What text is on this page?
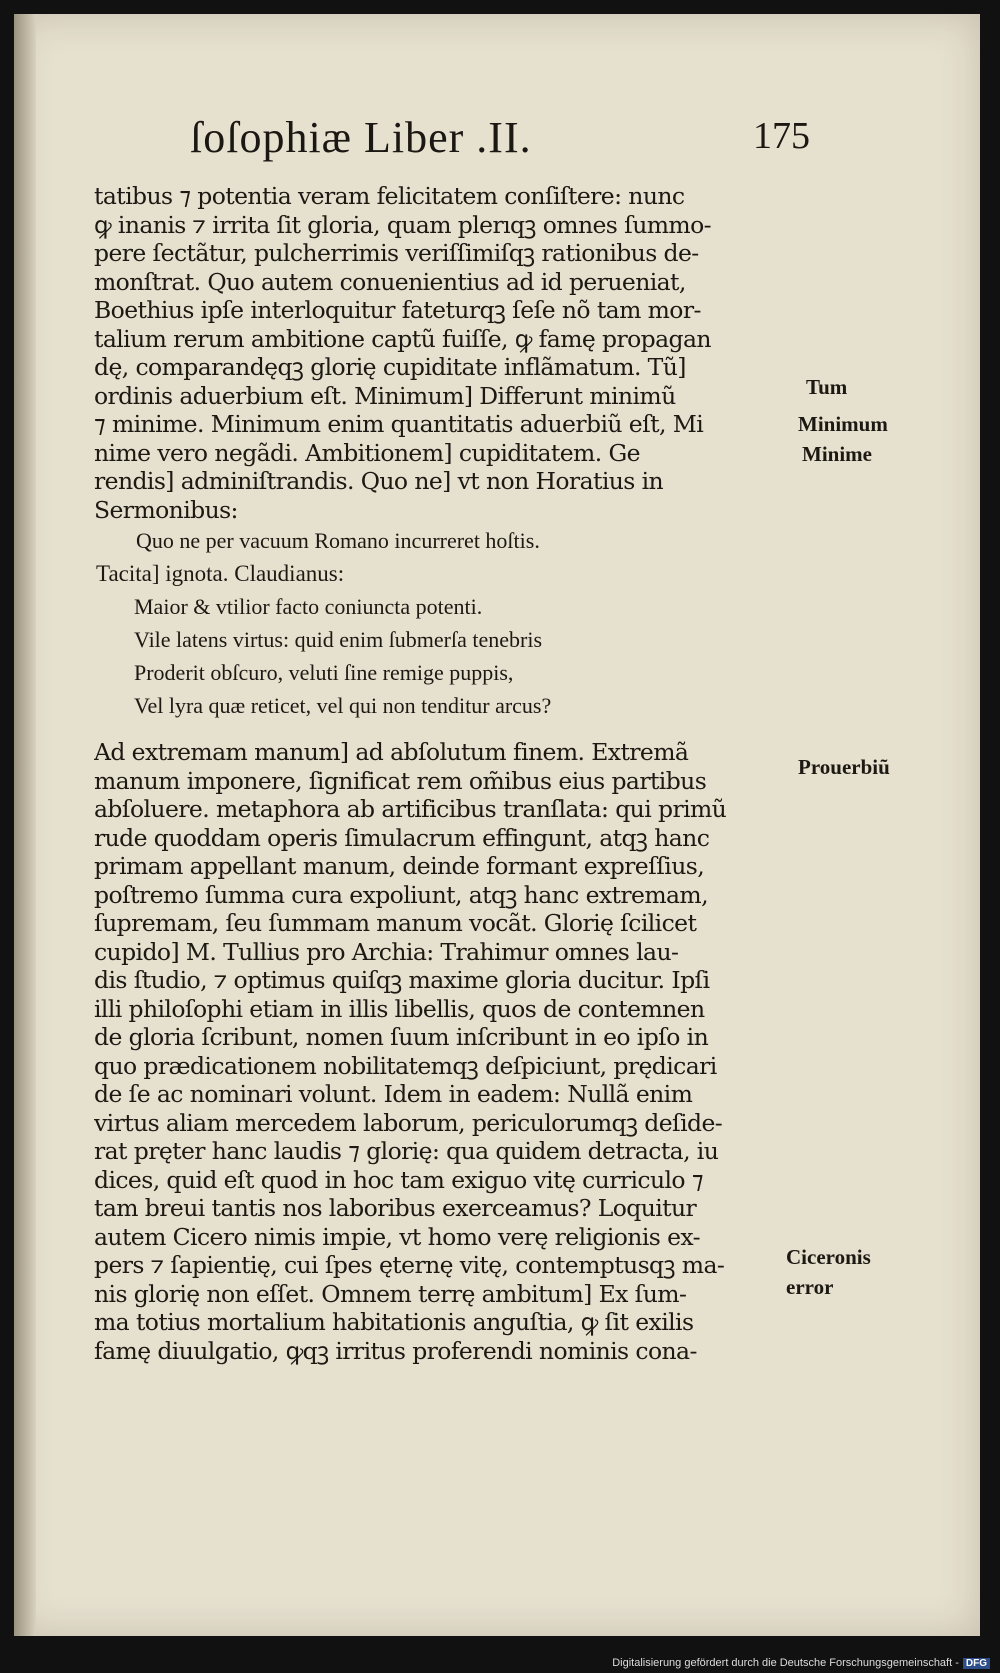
ſoſophiæ Liber .II.	175
tatibus ⁊ potentia veram felicitatem conſiſtere: nunc
ꝙ inanis ⁊ irrita ſit gloria, quam plerıqꝫ omnes ſummo-
pere ſectãtur, pulcherrimis veriſſimiſqꝫ rationibus de-
monſtrat. Quo autem conuenientius ad id perueniat,
Boethius ipſe interloquitur fateturqꝫ ſeſe nõ tam mor-
talium rerum ambitione captũ fuiſſe, ꝙ famę propagan
dę, comparandęqꝫ glorię cupiditate inflãmatum. Tũ]
ordinis aduerbium eſt. Minimum] Differunt minimũ
⁊ minime. Minimum enim quantitatis aduerbiũ eſt, Mi
nime vero negãdi. Ambitionem] cupiditatem. Ge
rendis] adminiſtrandis. Quo ne] vt non Horatius in
Sermonibus:
Quo ne per vacuum Romano incurreret hoſtis.
Tacita] ignota. Claudianus:
Maior & vtilior facto coniuncta potenti.
Vile latens virtus: quid enim ſubmerſa tenebris
Proderit obſcuro, veluti ſine remige puppis,
Vel lyra quæ reticet, vel qui non tenditur arcus?
Ad extremam manum] ad abſolutum finem. Extremã
manum imponere, ſignificat rem om̃ibus eius partibus
abſoluere. metaphora ab artificibus tranſlata: qui primũ
rude quoddam operis ſimulacrum effingunt, atqꝫ hanc
primam appellant manum, deinde formant expreſſius,
poſtremo ſumma cura expoliunt, atqꝫ hanc extremam,
ſupremam, ſeu ſummam manum vocãt. Glorię ſcilicet
cupido] M. Tullius pro Archia: Trahimur omnes lau-
dis ſtudio, ⁊ optimus quiſqꝫ maxime gloria ducitur. Ipſi
illi philoſophi etiam in illis libellis, quos de contemnen
de gloria ſcribunt, nomen ſuum inſcribunt in eo ipſo in
quo prædicationem nobilitatemqꝫ deſpiciunt, prędicari
de ſe ac nominari volunt. Idem in eadem: Nullã enim
virtus aliam mercedem laborum, periculorumqꝫ deſide-
rat pręter hanc laudis ⁊ glorię: qua quidem detracta, iu
dices, quid eſt quod in hoc tam exiguo vitę curriculo ⁊
tam breui tantis nos laboribus exerceamus? Loquitur
autem Cicero nimis impie, vt homo verę religionis ex-
pers ⁊ ſapientię, cui ſpes ęternę vitę, contemptusqꝫ ma-
nis glorię non eſſet. Omnem terrę ambitum] Ex ſum-
ma totius mortalium habitationis anguſtia, ꝙ ſit exilis
famę diuulgatio, ꝙqꝫ irritus proferendi nominis cona-
Tum
Minimum
Minime
Prouerbiũ
Ciceronis
error
Digitalisierung gefördert durch die Deutsche Forschungsgemeinschaft - DFG
